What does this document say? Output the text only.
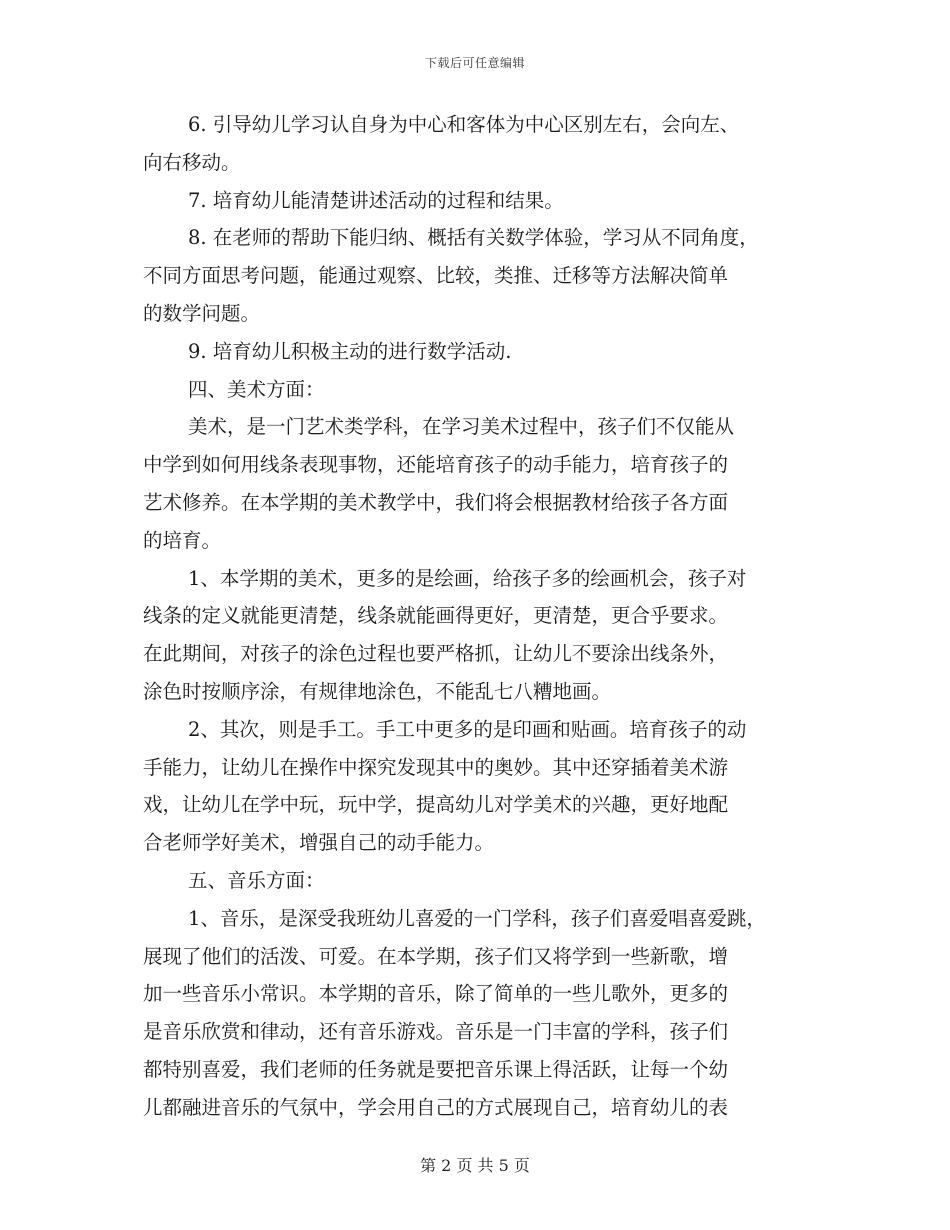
下载后可任意编辑
6. 引导幼儿学习认自身为中心和客体为中心区别左右，会向左、
向右移动。
7. 培育幼儿能清楚讲述活动的过程和结果。
8. 在老师的帮助下能归纳、概括有关数学体验，学习从不同角度，
不同方面思考问题，能通过观察、比较，类推、迁移等方法解决简单
的数学问题。
9. 培育幼儿积极主动的进行数学活动.
四、美术方面：
美术，是一门艺术类学科，在学习美术过程中，孩子们不仅能从
中学到如何用线条表现事物，还能培育孩子的动手能力，培育孩子的
艺术修养。在本学期的美术教学中，我们将会根据教材给孩子各方面
的培育。
1、本学期的美术，更多的是绘画，给孩子多的绘画机会，孩子对
线条的定义就能更清楚，线条就能画得更好，更清楚，更合乎要求。
在此期间，对孩子的涂色过程也要严格抓，让幼儿不要涂出线条外，
涂色时按顺序涂，有规律地涂色，不能乱七八糟地画。
2、其次，则是手工。手工中更多的是印画和贴画。培育孩子的动
手能力，让幼儿在操作中探究发现其中的奥妙。其中还穿插着美术游
戏，让幼儿在学中玩，玩中学，提高幼儿对学美术的兴趣，更好地配
合老师学好美术，增强自己的动手能力。
五、音乐方面：
1、音乐，是深受我班幼儿喜爱的一门学科，孩子们喜爱唱喜爱跳，
展现了他们的活泼、可爱。在本学期，孩子们又将学到一些新歌，增
加一些音乐小常识。本学期的音乐，除了简单的一些儿歌外，更多的
是音乐欣赏和律动，还有音乐游戏。音乐是一门丰富的学科，孩子们
都特别喜爱，我们老师的任务就是要把音乐课上得活跃，让每一个幼
儿都融进音乐的气氛中，学会用自己的方式展现自己，培育幼儿的表
第 2 页 共 5 页
